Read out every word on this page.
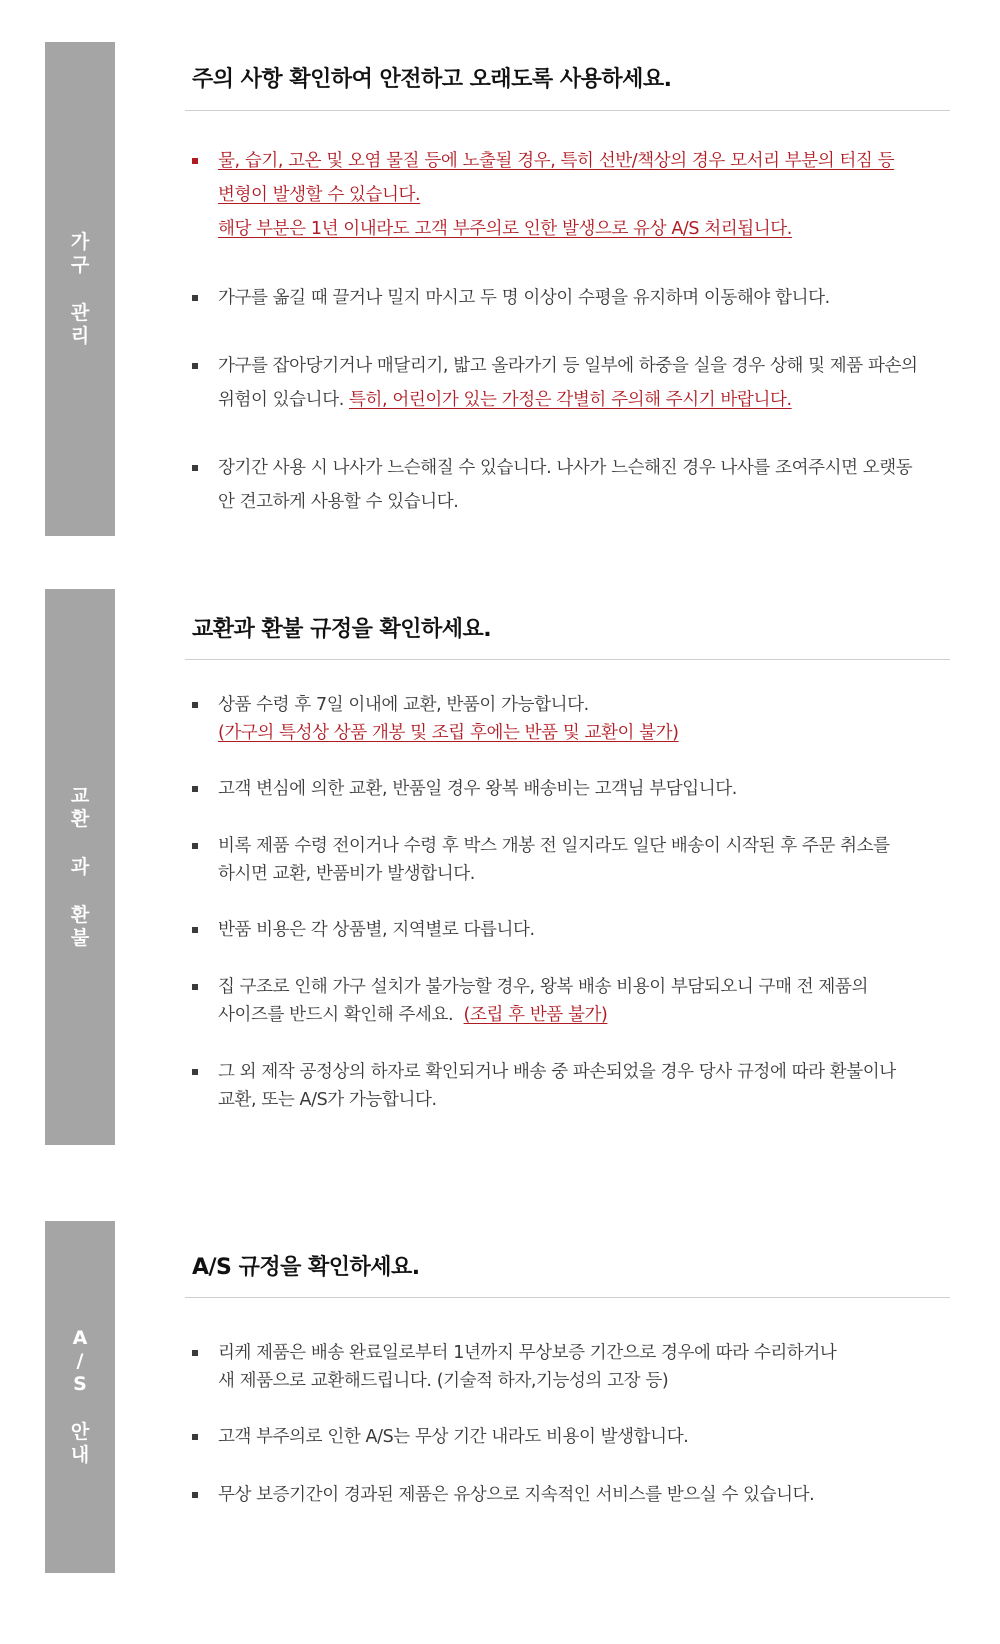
가
구
관
리
주의 사항 확인하여 안전하고 오래도록 사용하세요.
물, 습기, 고온 및 오염 물질 등에 노출될 경우, 특히 선반/책상의 경우 모서리 부분의 터짐 등
변형이 발생할 수 있습니다.
해당 부분은 1년 이내라도 고객 부주의로 인한 발생으로 유상 A/S 처리됩니다.
가구를 옮길 때 끌거나 밀지 마시고 두 명 이상이 수평을 유지하며 이동해야 합니다.
가구를 잡아당기거나 매달리기, 밟고 올라가기 등 일부에 하중을 실을 경우 상해 및 제품 파손의
위험이 있습니다. 특히, 어린이가 있는 가정은 각별히 주의해 주시기 바랍니다.
장기간 사용 시 나사가 느슨해질 수 있습니다. 나사가 느슨해진 경우 나사를 조여주시면 오랫동
안 견고하게 사용할 수 있습니다.
교
환
과
환
불
교환과 환불 규정을 확인하세요.
상품 수령 후 7일 이내에 교환, 반품이 가능합니다.
(가구의 특성상 상품 개봉 및 조립 후에는 반품 및 교환이 불가)
고객 변심에 의한 교환, 반품일 경우 왕복 배송비는 고객님 부담입니다.
비록 제품 수령 전이거나 수령 후 박스 개봉 전 일지라도 일단 배송이 시작된 후 주문 취소를
하시면 교환, 반품비가 발생합니다.
반품 비용은 각 상품별, 지역별로 다릅니다.
집 구조로 인해 가구 설치가 불가능할 경우, 왕복 배송 비용이 부담되오니 구매 전 제품의
사이즈를 반드시 확인해 주세요.  (조립 후 반품 불가)
그 외 제작 공정상의 하자로 확인되거나 배송 중 파손되었을 경우 당사 규정에 따라 환불이나
교환, 또는 A/S가 가능합니다.
A
/
S
안
내
A/S 규정을 확인하세요.
리케 제품은 배송 완료일로부터 1년까지 무상보증 기간으로 경우에 따라 수리하거나
새 제품으로 교환해드립니다. (기술적 하자,기능성의 고장 등)
고객 부주의로 인한 A/S는 무상 기간 내라도 비용이 발생합니다.
무상 보증기간이 경과된 제품은 유상으로 지속적인 서비스를 받으실 수 있습니다.
